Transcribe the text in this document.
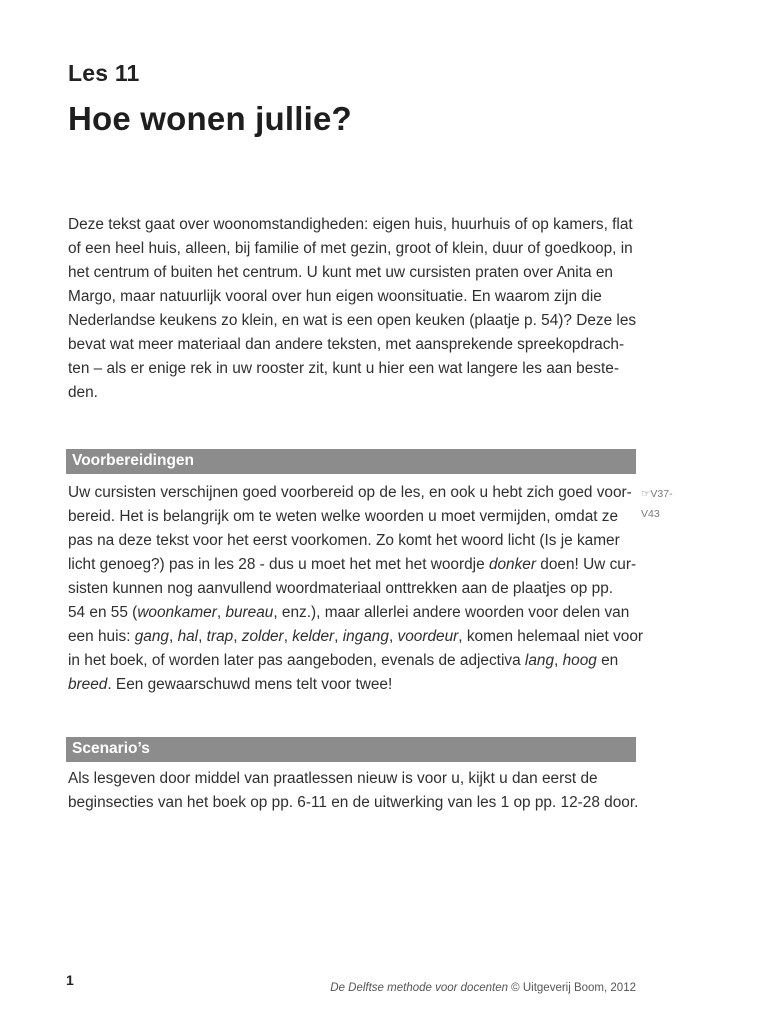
Les 11
Hoe wonen jullie?
Deze tekst gaat over woonomstandigheden: eigen huis, huurhuis of op kamers, flat
of een heel huis, alleen, bij familie of met gezin, groot of klein, duur of goedkoop, in
het centrum of buiten het centrum. U kunt met uw cursisten praten over Anita en
Margo, maar natuurlijk vooral over hun eigen woonsituatie. En waarom zijn die
Nederlandse keukens zo klein, en wat is een open keuken (plaatje p. 54)? Deze les
bevat wat meer materiaal dan andere teksten, met aansprekende spreekopdrach-
ten – als er enige rek in uw rooster zit, kunt u hier een wat langere les aan beste-
den.
Voorbereidingen
☞V37-
V43
Uw cursisten verschijnen goed voorbereid op de les, en ook u hebt zich goed voor-
bereid. Het is belangrijk om te weten welke woorden u moet vermijden, omdat ze
pas na deze tekst voor het eerst voorkomen. Zo komt het woord licht (Is je kamer
licht genoeg?) pas in les 28 - dus u moet het met het woordje donker doen! Uw cur-
sisten kunnen nog aanvullend woordmateriaal onttrekken aan de plaatjes op pp.
54 en 55 (woonkamer, bureau, enz.), maar allerlei andere woorden voor delen van
een huis: gang, hal, trap, zolder, kelder, ingang, voordeur, komen helemaal niet voor
in het boek, of worden later pas aangeboden, evenals de adjectiva lang, hoog en
breed. Een gewaarschuwd mens telt voor twee!
Scenario’s
Als lesgeven door middel van praatlessen nieuw is voor u, kijkt u dan eerst de
beginsecties van het boek op pp. 6-11 en de uitwerking van les 1 op pp. 12-28 door.
1	De Delftse methode voor docenten © Uitgeverij Boom, 2012
